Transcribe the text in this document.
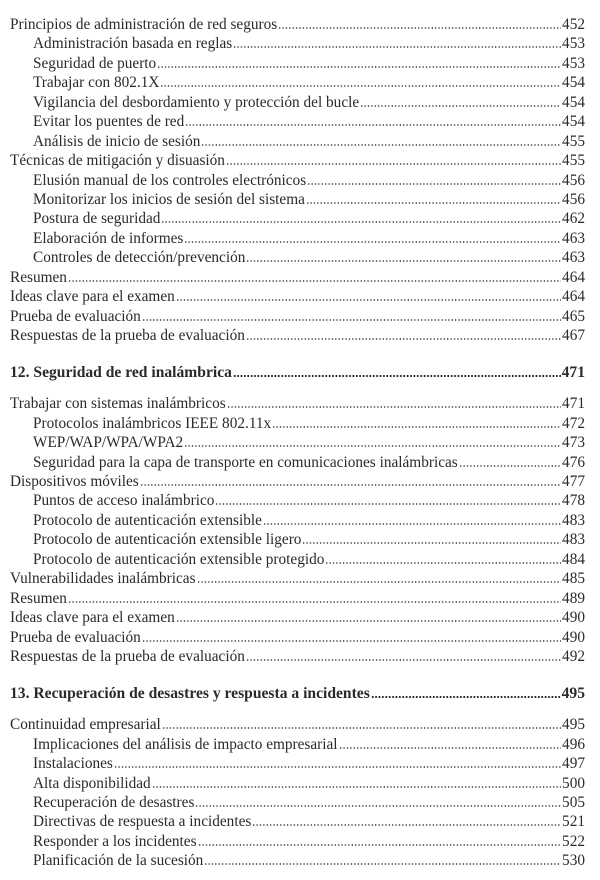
Principios de administración de red seguros	452
Administración basada en reglas	453
Seguridad de puerto	453
Trabajar con 802.1X	454
Vigilancia del desbordamiento y protección del bucle	454
Evitar los puentes de red	454
Análisis de inicio de sesión	455
Técnicas de mitigación y disuasión	455
Elusión manual de los controles electrónicos	456
Monitorizar los inicios de sesión del sistema	456
Postura de seguridad	462
Elaboración de informes	463
Controles de detección/prevención	463
Resumen	464
Ideas clave para el examen	464
Prueba de evaluación	465
Respuestas de la prueba de evaluación	467
12. Seguridad de red inalámbrica	471
Trabajar con sistemas inalámbricos	471
Protocolos inalámbricos IEEE 802.11x	472
WEP/WAP/WPA/WPA2	473
Seguridad para la capa de transporte en comunicaciones inalámbricas	476
Dispositivos móviles	477
Puntos de acceso inalámbrico	478
Protocolo de autenticación extensible	483
Protocolo de autenticación extensible ligero	483
Protocolo de autenticación extensible protegido	484
Vulnerabilidades inalámbricas	485
Resumen	489
Ideas clave para el examen	490
Prueba de evaluación	490
Respuestas de la prueba de evaluación	492
13. Recuperación de desastres y respuesta a incidentes	495
Continuidad empresarial	495
Implicaciones del análisis de impacto empresarial	496
Instalaciones	497
Alta disponibilidad	500
Recuperación de desastres	505
Directivas de respuesta a incidentes	521
Responder a los incidentes	522
Planificación de la sucesión	530
